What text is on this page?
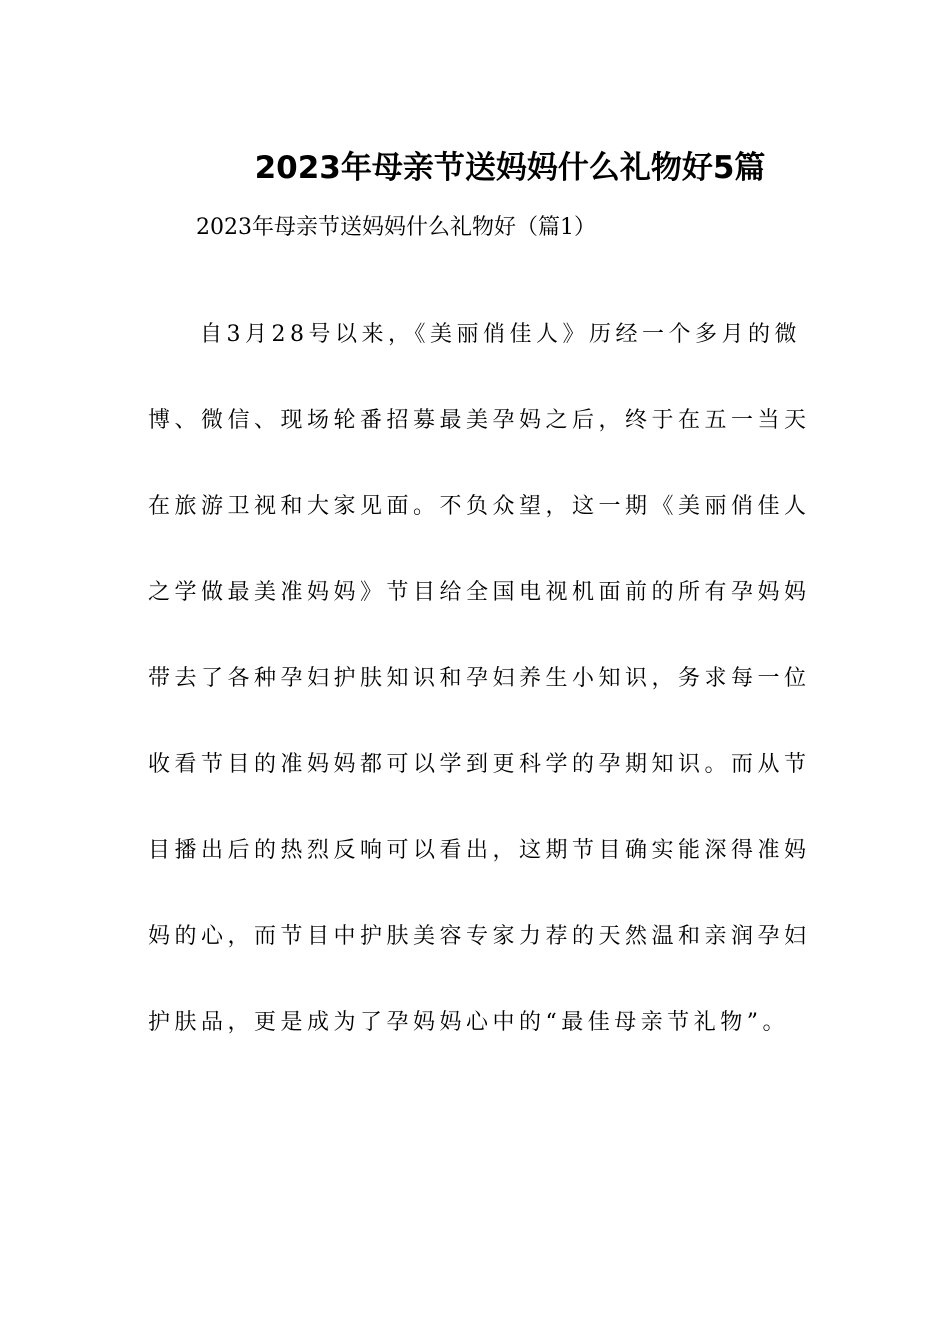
2023年母亲节送妈妈什么礼物好5篇
2023年母亲节送妈妈什么礼物好（篇1）
自3月28号以来，《美丽俏佳人》历经一个多月的微
博、微信、现场轮番招募最美孕妈之后，终于在五一当天
在旅游卫视和大家见面。不负众望，这一期《美丽俏佳人
之学做最美准妈妈》节目给全国电视机面前的所有孕妈妈
带去了各种孕妇护肤知识和孕妇养生小知识，务求每一位
收看节目的准妈妈都可以学到更科学的孕期知识。而从节
目播出后的热烈反响可以看出，这期节目确实能深得准妈
妈的心，而节目中护肤美容专家力荐的天然温和亲润孕妇
护肤品，更是成为了孕妈妈心中的“最佳母亲节礼物”。
